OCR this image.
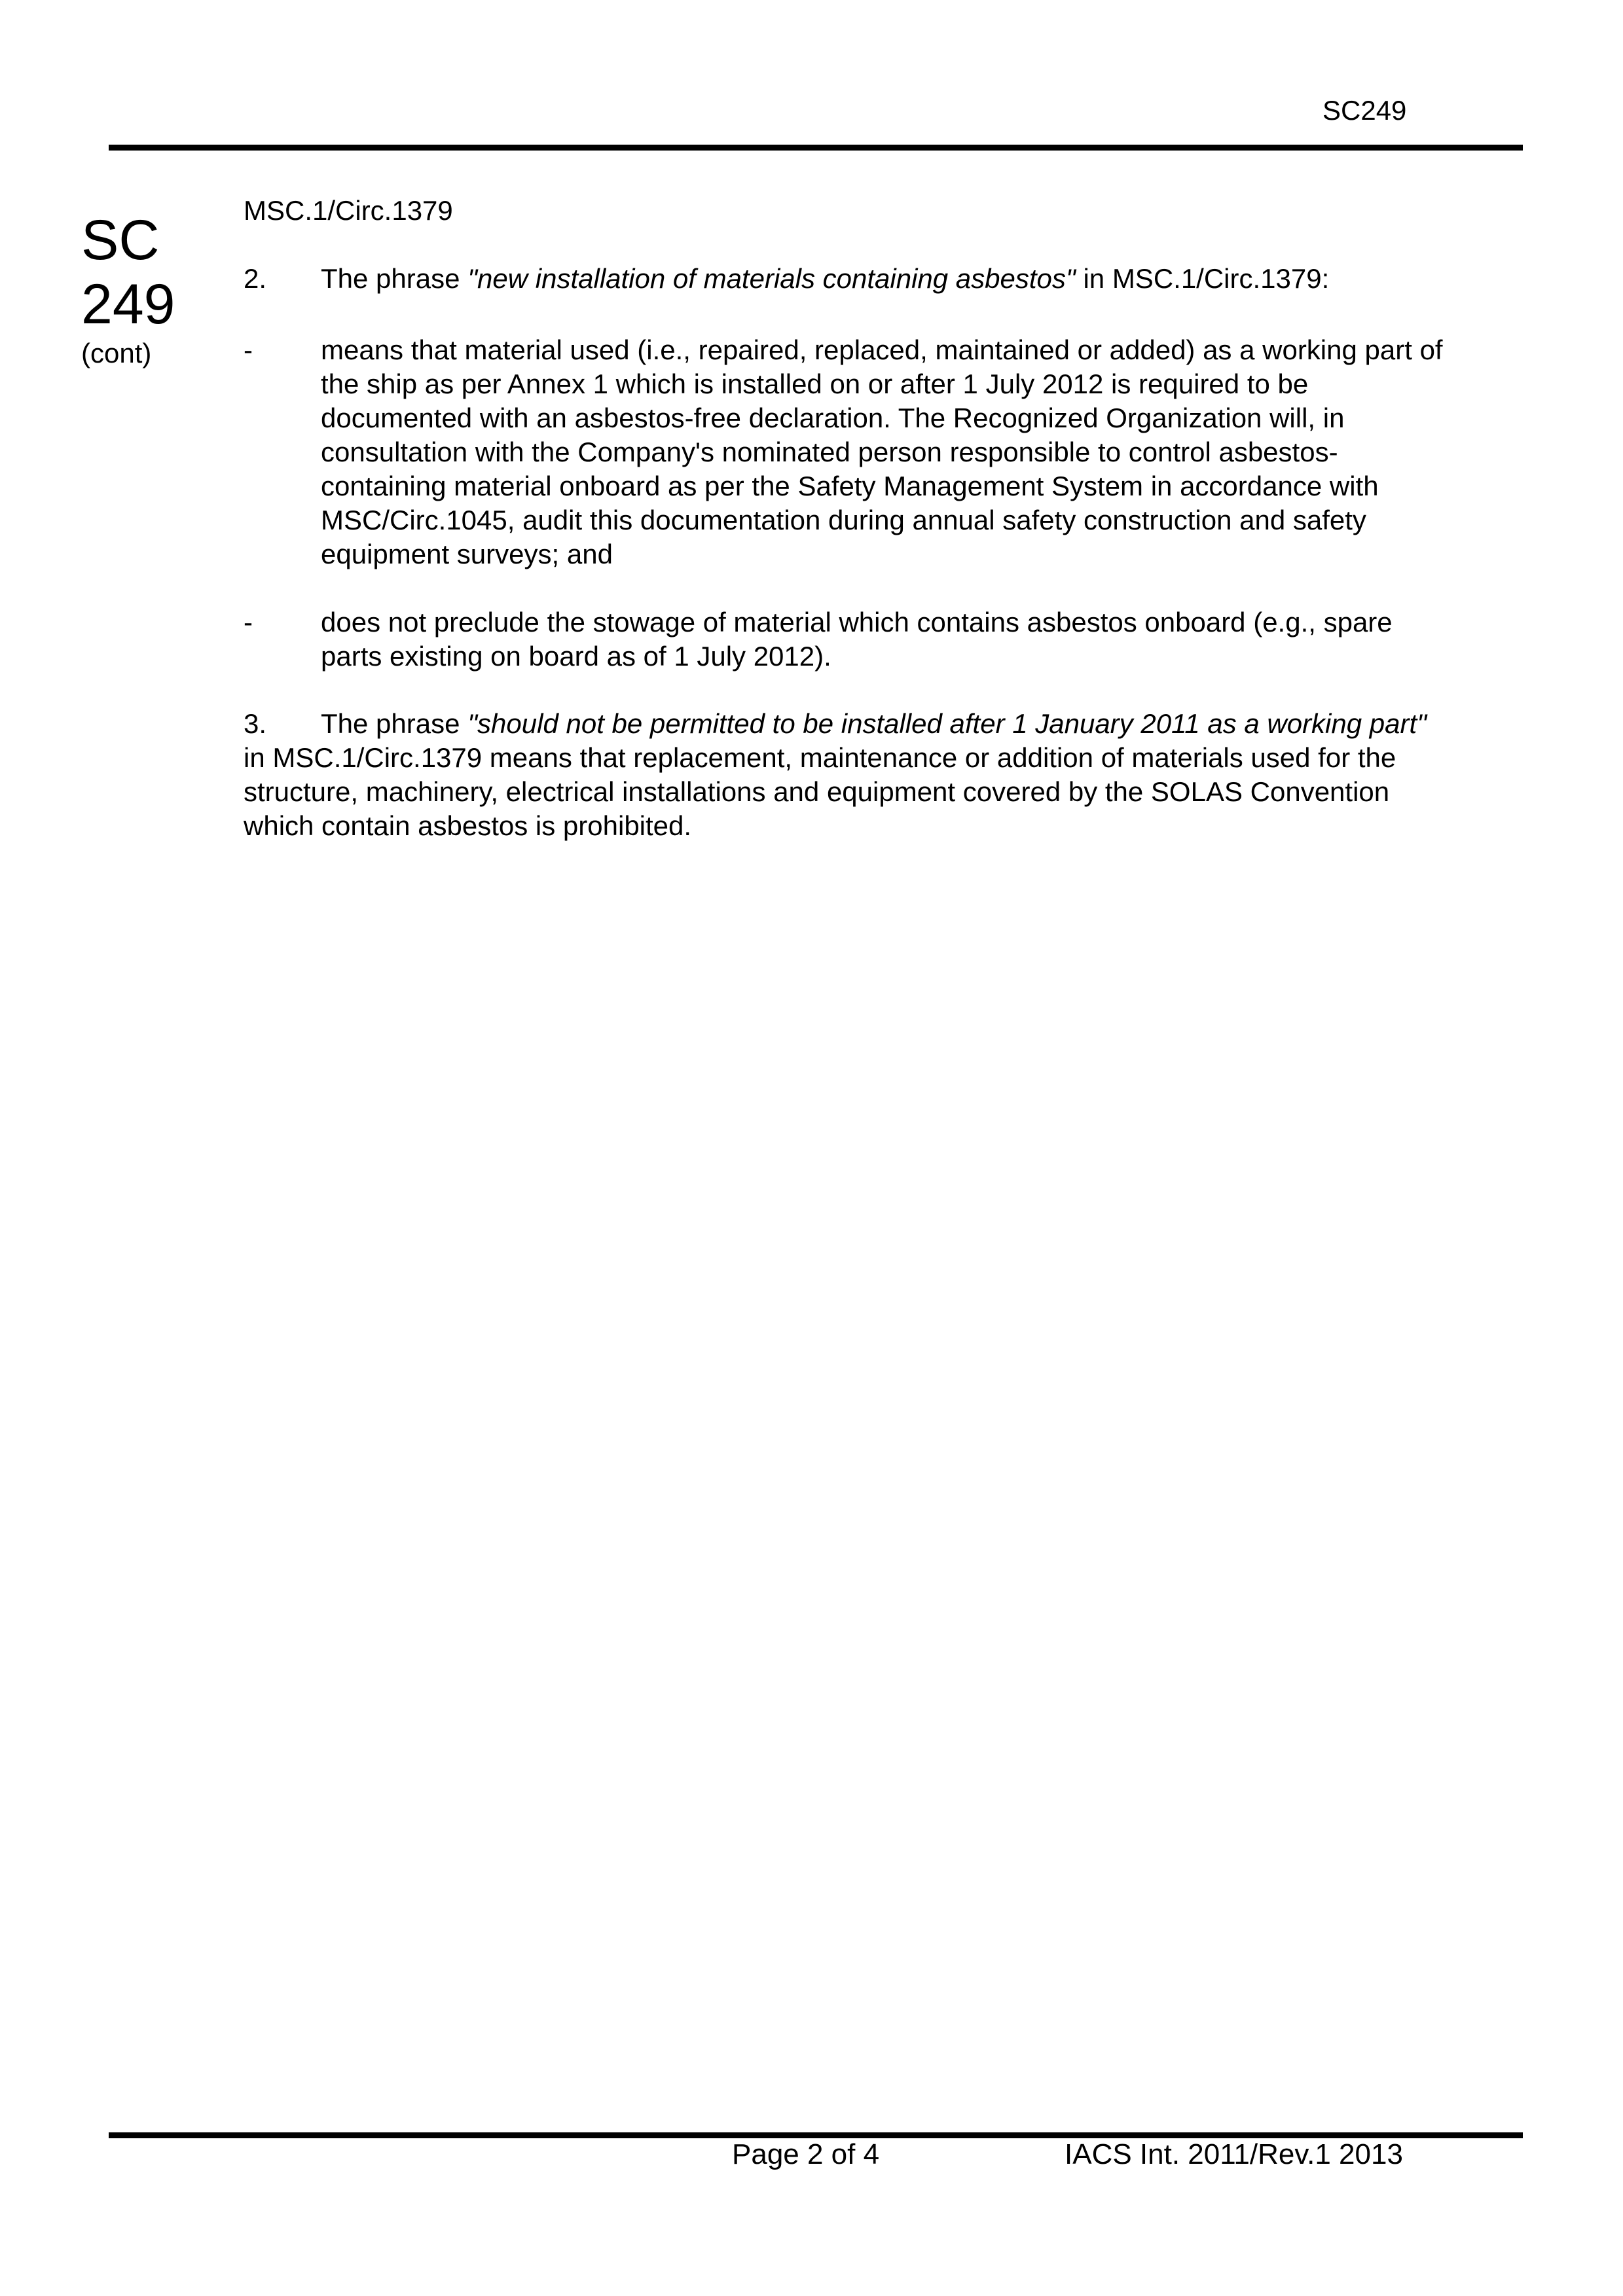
SC249
SC
249
(cont)
MSC.1/Circ.1379
2. The phrase "new installation of materials containing asbestos" in MSC.1/Circ.1379:
- means that material used (i.e., repaired, replaced, maintained or added) as a working part of the ship as per Annex 1 which is installed on or after 1 July 2012 is required to be documented with an asbestos-free declaration. The Recognized Organization will, in consultation with the Company's nominated person responsible to control asbestos-containing material onboard as per the Safety Management System in accordance with MSC/Circ.1045, audit this documentation during annual safety construction and safety equipment surveys; and
- does not preclude the stowage of material which contains asbestos onboard (e.g., spare parts existing on board as of 1 July 2012).
3. The phrase "should not be permitted to be installed after 1 January 2011 as a working part" in MSC.1/Circ.1379 means that replacement, maintenance or addition of materials used for the structure, machinery, electrical installations and equipment covered by the SOLAS Convention which contain asbestos is prohibited.
Page 2 of 4	IACS Int. 2011/Rev.1 2013
